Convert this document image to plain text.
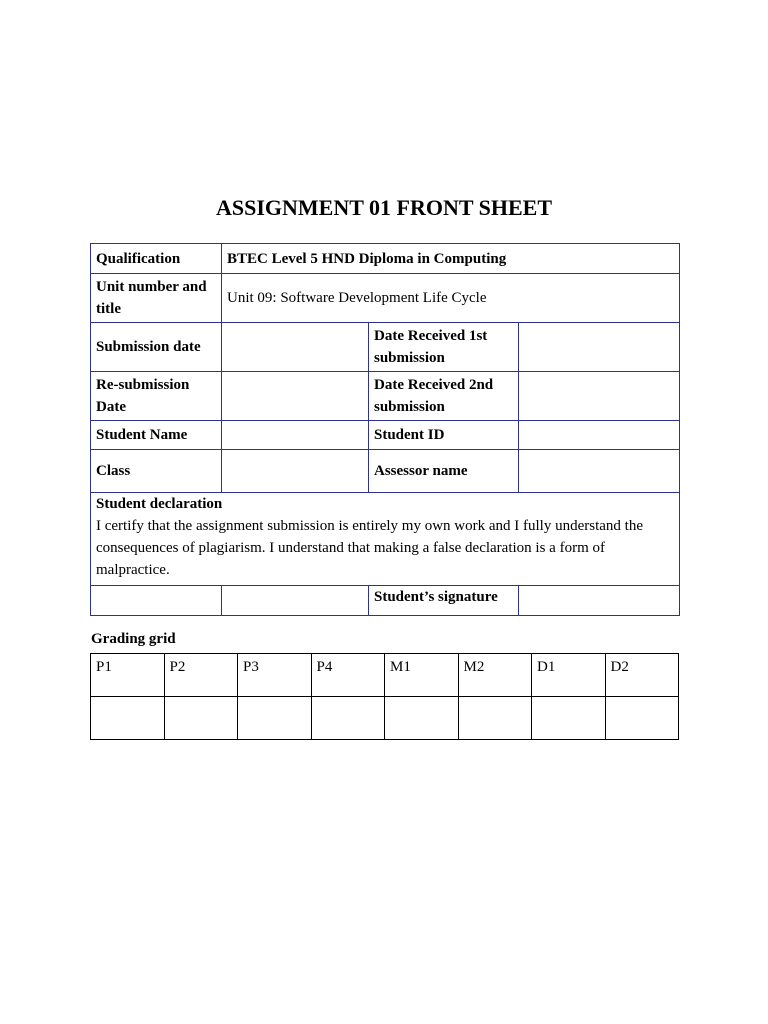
ASSIGNMENT 01 FRONT SHEET
Qualification	BTEC Level 5 HND Diploma in Computing		
Unit number and title	Unit 09: Software Development Life Cycle		
Submission date		Date Received 1st submission	
Re-submission Date		Date Received 2nd submission	
Student Name		Student ID	
Class		Assessor name	

Student declaration
I certify that the assignment submission is entirely my own work and I fully understand the consequences of plagiarism. I understand that making a false declaration is a form of malpractice.			

		Student’s signature	

Grading grid

P1	P2	P3	P4	M1	M2	D1	D2
